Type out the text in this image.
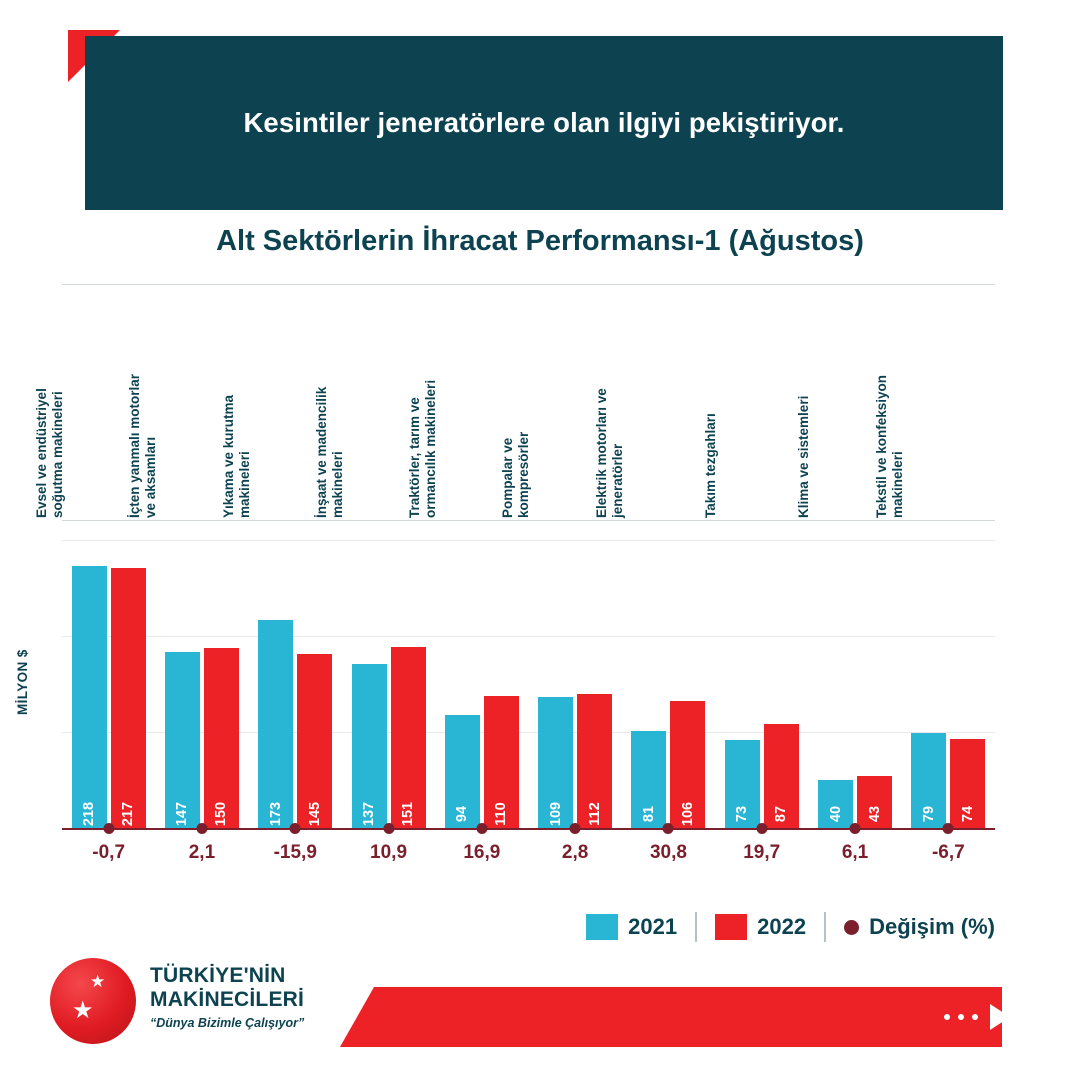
Kesintiler jeneratörlere olan ilgiyi pekiştiriyor.
Alt Sektörlerin İhracat Performansı-1 (Ağustos)
Evsel ve endüstriyel soğutma makineleri	İçten yanmalı motorlar ve aksamları	Yıkama ve kurutma makineleri	İnşaat ve madencilik makineleri	Traktörler, tarım ve ormancılık makineleri	Pompalar ve kompresörler	Elektrik motorları ve jeneratörler	Takım tezgahları	Klima ve sistemleri	Tekstil ve konfeksiyon makineleri
MİLYON $
218 217	147 150	173 145	137 151	94 110	109 112	81 106	73 87	40 43	79 74
-0,7	2,1	-15,9	10,9	16,9	2,8	30,8	19,7	6,1	-6,7
2021	2022	Değişim (%)
★
★
TÜRKİYE'NİN
MAKİNECİLERİ
“Dünya Bizimle Çalışıyor”
